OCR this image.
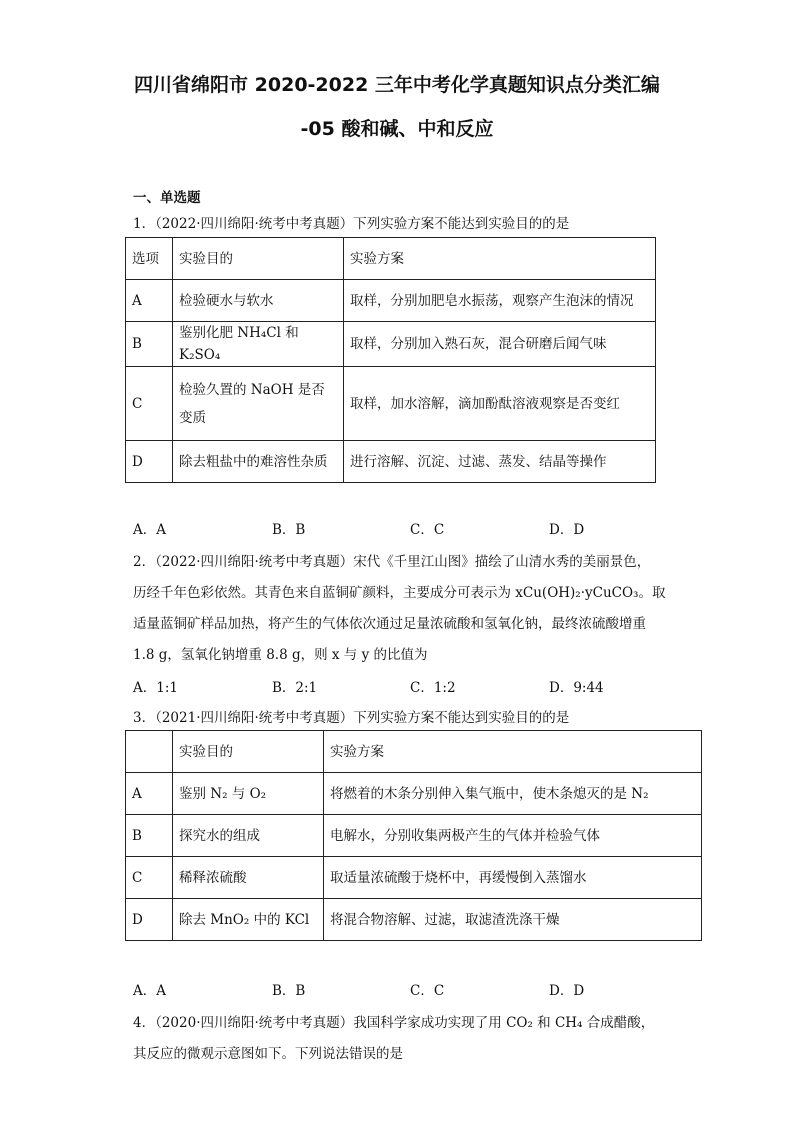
四川省绵阳市 2020-2022 三年中考化学真题知识点分类汇编
-05 酸和碱、中和反应
一、单选题
1．（2022·四川绵阳·统考中考真题）下列实验方案不能达到实验目的的是
选项	实验目的	实验方案
A	检验硬水与软水	取样，分别加肥皂水振荡，观察产生泡沫的情况
B	鉴别化肥 NH₄Cl 和 K₂SO₄	取样，分别加入熟石灰，混合研磨后闻气味
C	检验久置的 NaOH 是否变质	取样，加水溶解，滴加酚酞溶液观察是否变红
D	除去粗盐中的难溶性杂质	进行溶解、沉淀、过滤、蒸发、结晶等操作
A．A	B．B	C．C	D．D
2．（2022·四川绵阳·统考中考真题）宋代《千里江山图》描绘了山清水秀的美丽景色，
历经千年色彩依然。其青色来自蓝铜矿颜料，主要成分可表示为 xCu(OH)₂·yCuCO₃。取
适量蓝铜矿样品加热，将产生的气体依次通过足量浓硫酸和氢氧化钠，最终浓硫酸增重
1.8 g，氢氧化钠增重 8.8 g，则 x 与 y 的比值为
A．1:1	B．2:1	C．1:2	D．9:44
3．（2021·四川绵阳·统考中考真题）下列实验方案不能达到实验目的的是
	实验目的	实验方案
A	鉴别 N₂ 与 O₂	将燃着的木条分别伸入集气瓶中，使木条熄灭的是 N₂
B	探究水的组成	电解水，分别收集两极产生的气体并检验气体
C	稀释浓硫酸	取适量浓硫酸于烧杯中，再缓慢倒入蒸馏水
D	除去 MnO₂ 中的 KCl	将混合物溶解、过滤，取滤渣洗涤干燥
A．A	B．B	C．C	D．D
4．（2020·四川绵阳·统考中考真题）我国科学家成功实现了用 CO₂ 和 CH₄ 合成醋酸，
其反应的微观示意图如下。下列说法错误的是
